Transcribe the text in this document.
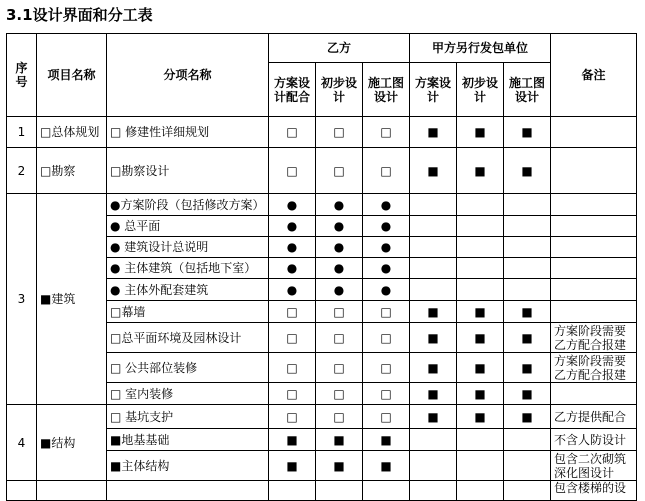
3.1设计界面和分工表
序号	项目名称	分项名称	乙方			甲方另行发包单位			备注
			方案设计配合	初步设计	施工图设计	方案设计	初步设计	施工图设计	
1	□总体规划	□ 修建性详细规划	□	□	□	■	■	■	
2	□勘察	□勘察设计	□	□	□	■	■	■	
3	■建筑	●方案阶段（包括修改方案）	●	●	●				
		● 总平面	●	●	●				
		● 建筑设计总说明	●	●	●				
		● 主体建筑（包括地下室）	●	●	●				
		● 主体外配套建筑	●	●	●				
		□幕墙	□	□	□	■	■	■	
		□总平面环境及园林设计	□	□	□	■	■	■	方案阶段需要乙方配合报建

		□ 公共部位装修	□	□	□	■	■	■	方案阶段需要乙方配合报建

		□ 室内装修	□	□	□	■	■	■	
4	■结构	□ 基坑支护	□	□	□	■	■	■	乙方提供配合

		■地基基础	■	■	■				不含人防设计

		■主体结构	■	■	■				包含二次砌筑深化图设计

									包含楼梯的设
